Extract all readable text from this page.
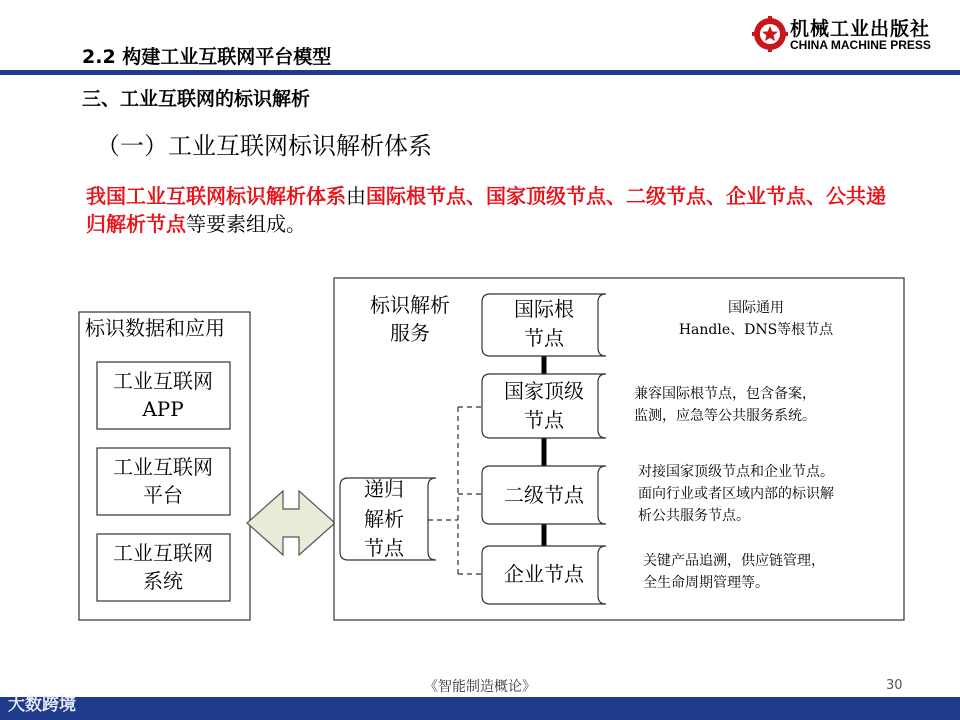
2.2 构建工业互联网平台模型
机械工业出版社
CHINA MACHINE PRESS
三、工业互联网的标识解析
（一）工业互联网标识解析体系
我国工业互联网标识解析体系由国际根节点、国家顶级节点、二级节点、企业节点、公共递归解析节点等要素组成。
标识数据和应用
工业互联网
APP
工业互联网
平台
工业互联网
系统
标识解析
服务
递归
解析
节点
国际根
节点
国家顶级
节点
二级节点
企业节点
国际通用
Handle、DNS等根节点
兼容国际根节点，包含备案，
监测，应急等公共服务系统。
对接国家顶级节点和企业节点。
面向行业或者区域内部的标识解
析公共服务节点。
关键产品追溯，供应链管理，
全生命周期管理等。
《智能制造概论》	30
大数跨境
